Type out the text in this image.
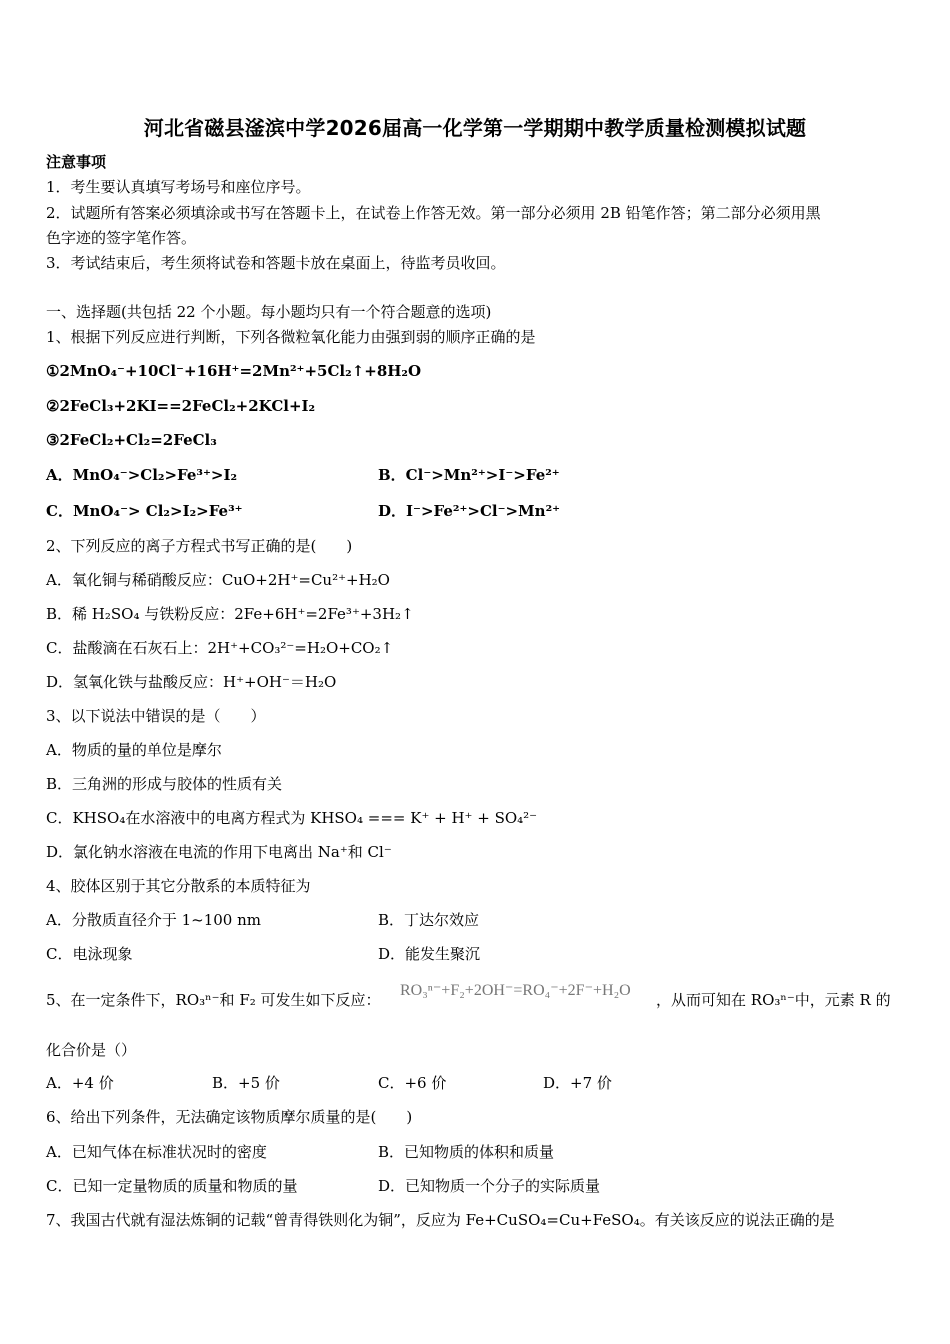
河北省磁县滏滨中学2026届高一化学第一学期期中教学质量检测模拟试题
注意事项
1．考生要认真填写考场号和座位序号。
2．试题所有答案必须填涂或书写在答题卡上，在试卷上作答无效。第一部分必须用 2B 铅笔作答；第二部分必须用黑
色字迹的签字笔作答。
3．考试结束后，考生须将试卷和答题卡放在桌面上，待监考员收回。
一、选择题(共包括 22 个小题。每小题均只有一个符合题意的选项)
1、根据下列反应进行判断，下列各微粒氧化能力由强到弱的顺序正确的是
①2MnO₄⁻+10Cl⁻+16H⁺=2Mn²⁺+5Cl₂↑+8H₂O
②2FeCl₃+2KI==2FeCl₂+2KCl+I₂
③2FeCl₂+Cl₂=2FeCl₃
A．MnO₄⁻>Cl₂>Fe³⁺>I₂	B．Cl⁻>Mn²⁺>I⁻>Fe²⁺
C．MnO₄⁻> Cl₂>I₂>Fe³⁺	D．I⁻>Fe²⁺>Cl⁻>Mn²⁺
2、下列反应的离子方程式书写正确的是(　　)
A．氧化铜与稀硝酸反应：CuO+2H⁺=Cu²⁺+H₂O
B．稀 H₂SO₄ 与铁粉反应：2Fe+6H⁺=2Fe³⁺+3H₂↑
C．盐酸滴在石灰石上：2H⁺+CO₃²⁻=H₂O+CO₂↑
D．氢氧化铁与盐酸反应：H⁺+OH⁻＝H₂O
3、以下说法中错误的是（　　）
A．物质的量的单位是摩尔
B．三角洲的形成与胶体的性质有关
C．KHSO₄在水溶液中的电离方程式为 KHSO₄ === K⁺ + H⁺ + SO₄²⁻
D．氯化钠水溶液在电流的作用下电离出 Na⁺和 Cl⁻
4、胶体区别于其它分散系的本质特征为
A．分散质直径介于 1~100 nm	B．丁达尔效应
C．电泳现象	D．能发生聚沉
5、在一定条件下，RO₃ⁿ⁻和 F₂ 可发生如下反应：
RO₃ⁿ⁻+F₂+2OH⁻=RO₄⁻+2F⁻+H₂O
，从而可知在 RO₃ⁿ⁻中，元素 R 的
化合价是（）
A．+4 价	B．+5 价	C．+6 价	D．+7 价
6、给出下列条件，无法确定该物质摩尔质量的是(　　)
A．已知气体在标准状况时的密度	B．已知物质的体积和质量
C．已知一定量物质的质量和物质的量	D．已知物质一个分子的实际质量
7、我国古代就有湿法炼铜的记载“曾青得铁则化为铜”，反应为 Fe+CuSO₄=Cu+FeSO₄。有关该反应的说法正确的是
